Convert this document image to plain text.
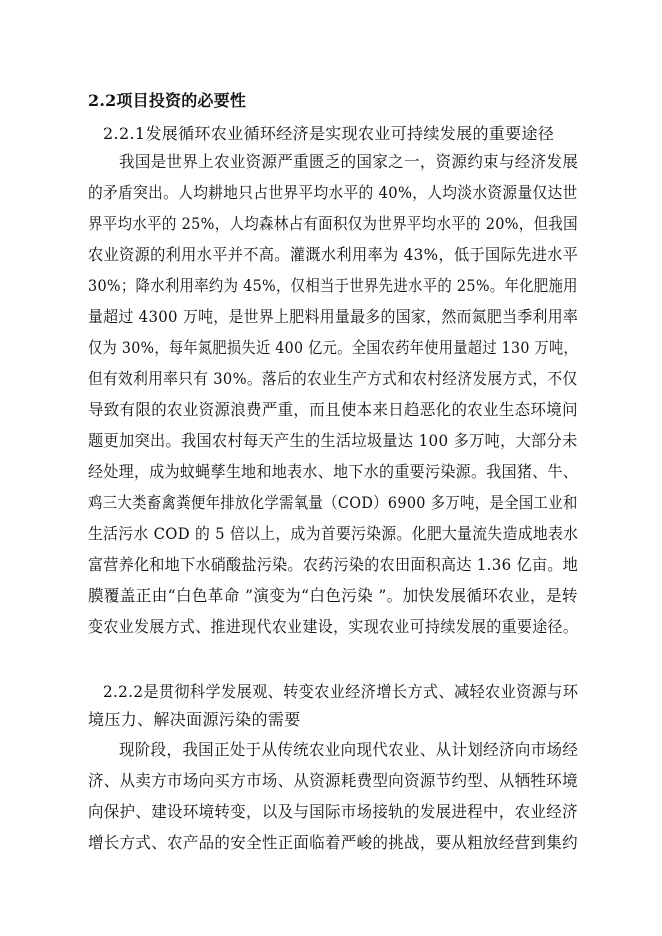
2.2项目投资的必要性
2.2.1发展循环农业循环经济是实现农业可持续发展的重要途径
我国是世界上农业资源严重匮乏的国家之一，资源约束与经济发展
的矛盾突出。人均耕地只占世界平均水平的 40%，人均淡水资源量仅达世
界平均水平的 25%，人均森林占有面积仅为世界平均水平的 20%，但我国
农业资源的利用水平并不高。灌溉水利用率为 43%，低于国际先进水平
30%；降水利用率约为 45%，仅相当于世界先进水平的 25%。年化肥施用
量超过 4300 万吨，是世界上肥料用量最多的国家，然而氮肥当季利用率
仅为 30%，每年氮肥损失近 400 亿元。全国农药年使用量超过 130 万吨，
但有效利用率只有 30%。落后的农业生产方式和农村经济发展方式，不仅
导致有限的农业资源浪费严重，而且使本来日趋恶化的农业生态环境问
题更加突出。我国农村每天产生的生活垃圾量达 100 多万吨，大部分未
经处理，成为蚊蝇孳生地和地表水、地下水的重要污染源。我国猪、牛、
鸡三大类畜禽粪便年排放化学需氧量（COD）6900 多万吨，是全国工业和
生活污水 COD 的 5 倍以上，成为首要污染源。化肥大量流失造成地表水
富营养化和地下水硝酸盐污染。农药污染的农田面积高达 1.36 亿亩。地
膜覆盖正由“白色革命 ”演变为“白色污染 ”。加快发展循环农业，是转
变农业发展方式、推进现代农业建设，实现农业可持续发展的重要途径。
2.2.2是贯彻科学发展观、转变农业经济增长方式、减轻农业资源与环
境压力、解决面源污染的需要
现阶段，我国正处于从传统农业向现代农业、从计划经济向市场经
济、从卖方市场向买方市场、从资源耗费型向资源节约型、从牺牲环境
向保护、建设环境转变，以及与国际市场接轨的发展进程中，农业经济
增长方式、农产品的安全性正面临着严峻的挑战，要从粗放经营到集约
